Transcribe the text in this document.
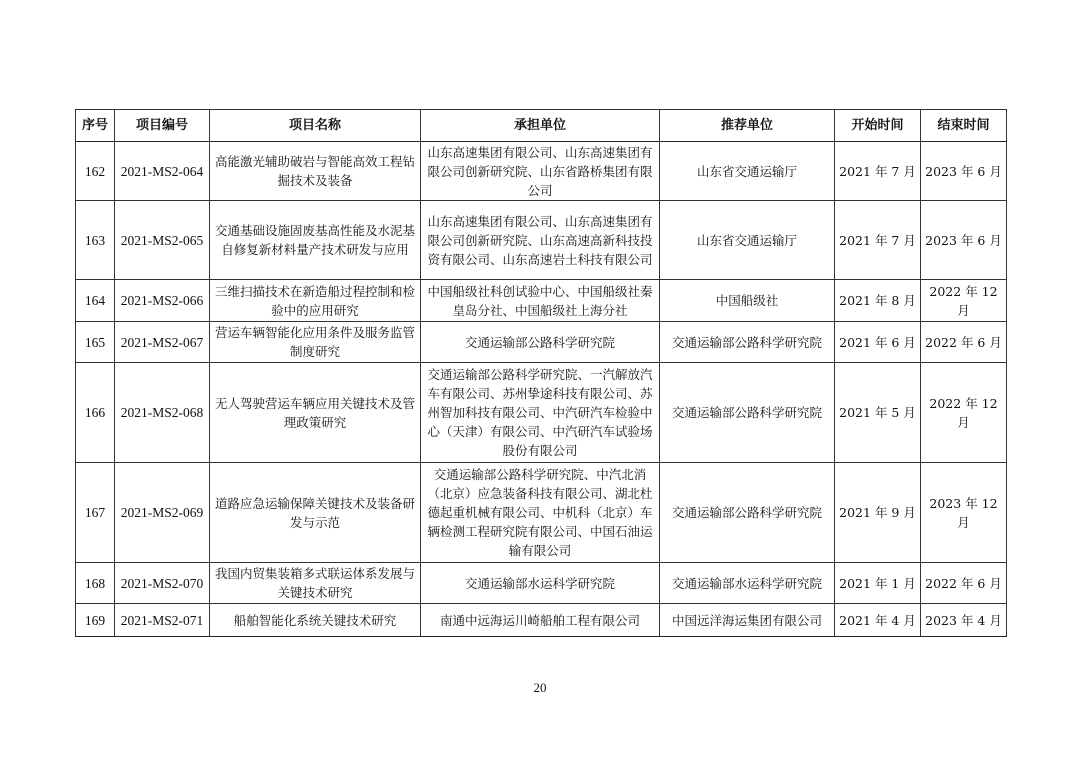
序号	项目编号	项目名称	承担单位	推荐单位	开始时间	结束时间
162	2021-MS2-064	高能激光辅助破岩与智能高效工程钻掘技术及装备	山东高速集团有限公司、山东高速集团有限公司创新研究院、山东省路桥集团有限公司	山东省交通运输厅	2021 年 7 月	2023 年 6 月
163	2021-MS2-065	交通基础设施固废基高性能及水泥基自修复新材料量产技术研发与应用	山东高速集团有限公司、山东高速集团有限公司创新研究院、山东高速高新科技投资有限公司、山东高速岩土科技有限公司	山东省交通运输厅	2021 年 7 月	2023 年 6 月
164	2021-MS2-066	三维扫描技术在新造船过程控制和检验中的应用研究	中国船级社科创试验中心、中国船级社秦皇岛分社、中国船级社上海分社	中国船级社	2021 年 8 月	2022 年 12 月
165	2021-MS2-067	营运车辆智能化应用条件及服务监管制度研究	交通运输部公路科学研究院	交通运输部公路科学研究院	2021 年 6 月	2022 年 6 月
166	2021-MS2-068	无人驾驶营运车辆应用关键技术及管理政策研究	交通运输部公路科学研究院、一汽解放汽车有限公司、苏州挚途科技有限公司、苏州智加科技有限公司、中汽研汽车检验中心（天津）有限公司、中汽研汽车试验场股份有限公司	交通运输部公路科学研究院	2021 年 5 月	2022 年 12 月
167	2021-MS2-069	道路应急运输保障关键技术及装备研发与示范	交通运输部公路科学研究院、中汽北消（北京）应急装备科技有限公司、湖北杜德起重机械有限公司、中机科（北京）车辆检测工程研究院有限公司、中国石油运输有限公司	交通运输部公路科学研究院	2021 年 9 月	2023 年 12 月
168	2021-MS2-070	我国内贸集装箱多式联运体系发展与关键技术研究	交通运输部水运科学研究院	交通运输部水运科学研究院	2021 年 1 月	2022 年 6 月
169	2021-MS2-071	船舶智能化系统关键技术研究	南通中远海运川崎船舶工程有限公司	中国远洋海运集团有限公司	2021 年 4 月	2023 年 4 月
20
